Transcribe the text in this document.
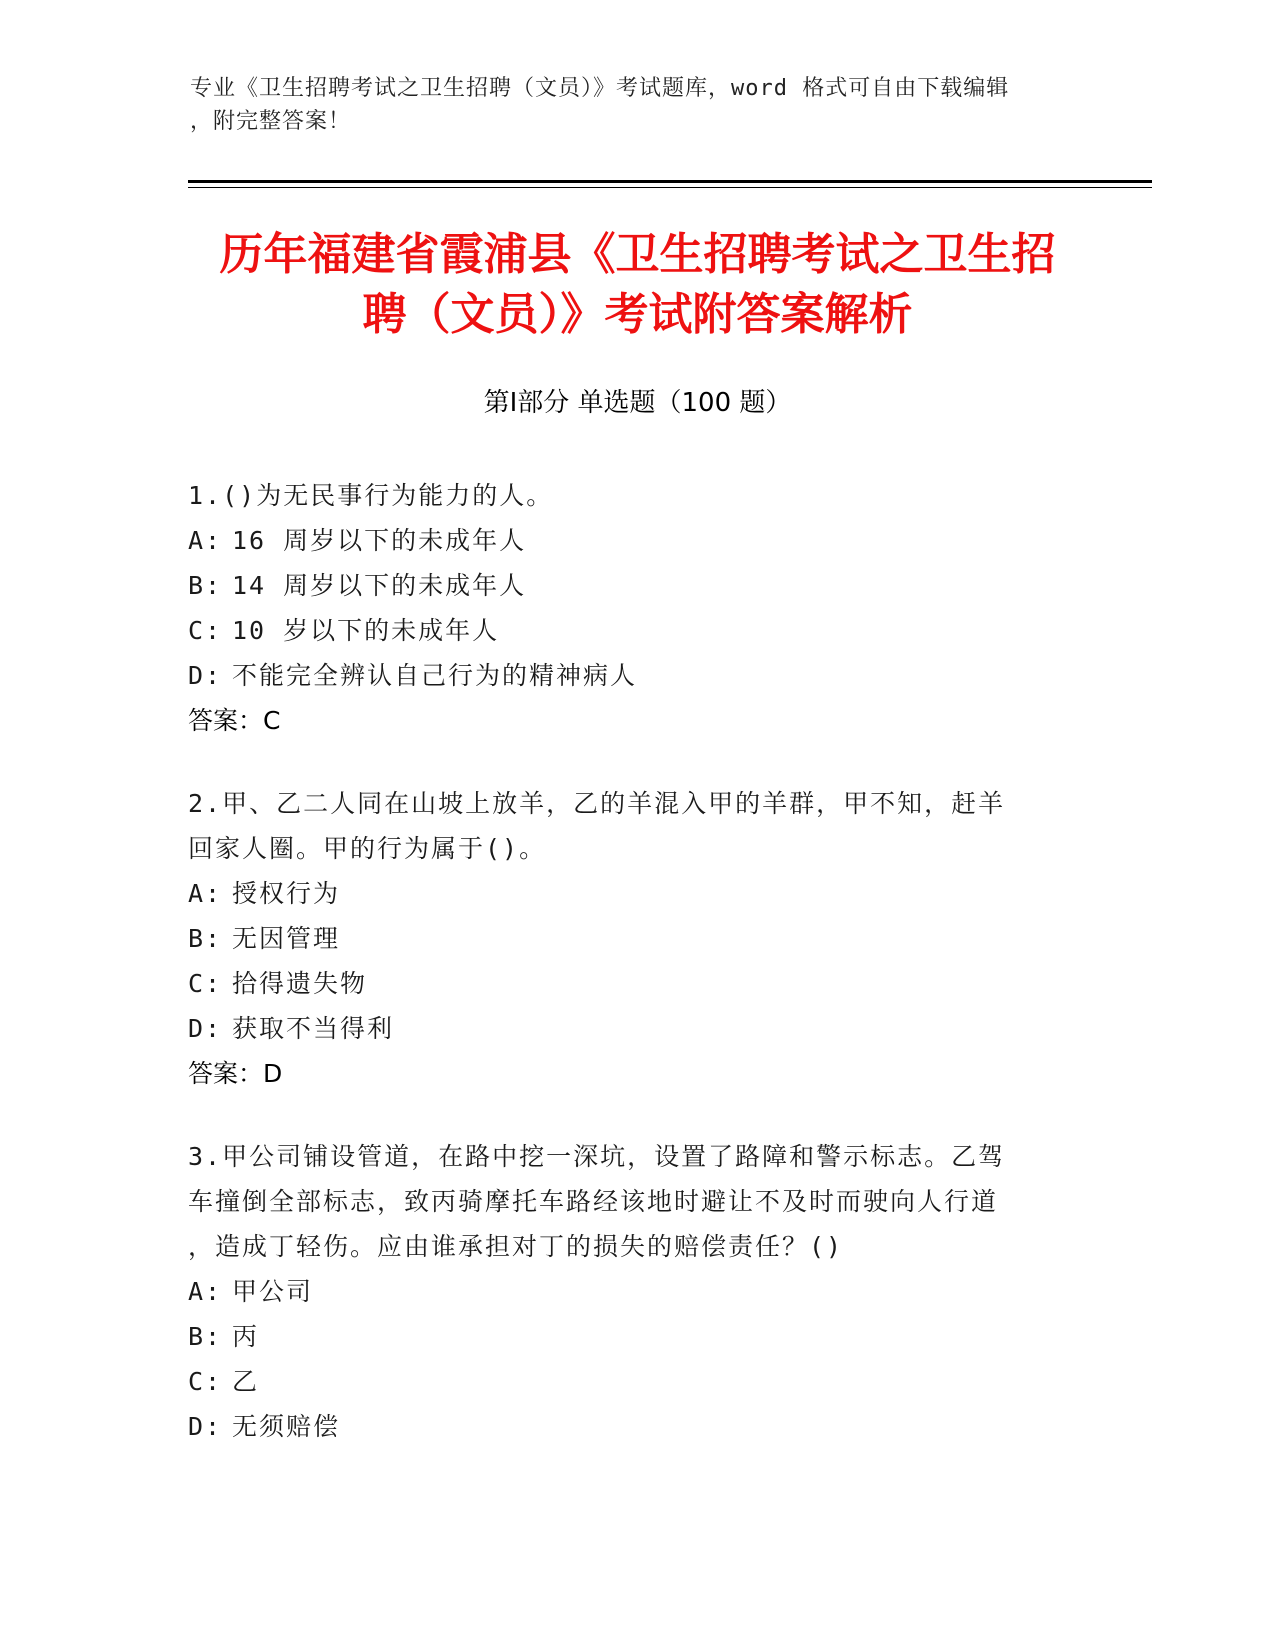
专业《卫生招聘考试之卫生招聘（文员）》考试题库，word 格式可自由下载编辑
，附完整答案！
历年福建省霞浦县《卫生招聘考试之卫生招
聘（文员）》考试附答案解析
第Ⅰ部分 单选题（100 题）
1.()为无民事行为能力的人。
A: 16 周岁以下的未成年人
B: 14 周岁以下的未成年人
C: 10 岁以下的未成年人
D: 不能完全辨认自己行为的精神病人
答案：C
2.甲、乙二人同在山坡上放羊，乙的羊混入甲的羊群，甲不知，赶羊
回家人圈。甲的行为属于()。
A: 授权行为
B: 无因管理
C: 拾得遗失物
D: 获取不当得利
答案：D
3.甲公司铺设管道，在路中挖一深坑，设置了路障和警示标志。乙驾
车撞倒全部标志，致丙骑摩托车路经该地时避让不及时而驶向人行道
，造成丁轻伤。应由谁承担对丁的损失的赔偿责任？()
A: 甲公司
B: 丙
C: 乙
D: 无须赔偿
